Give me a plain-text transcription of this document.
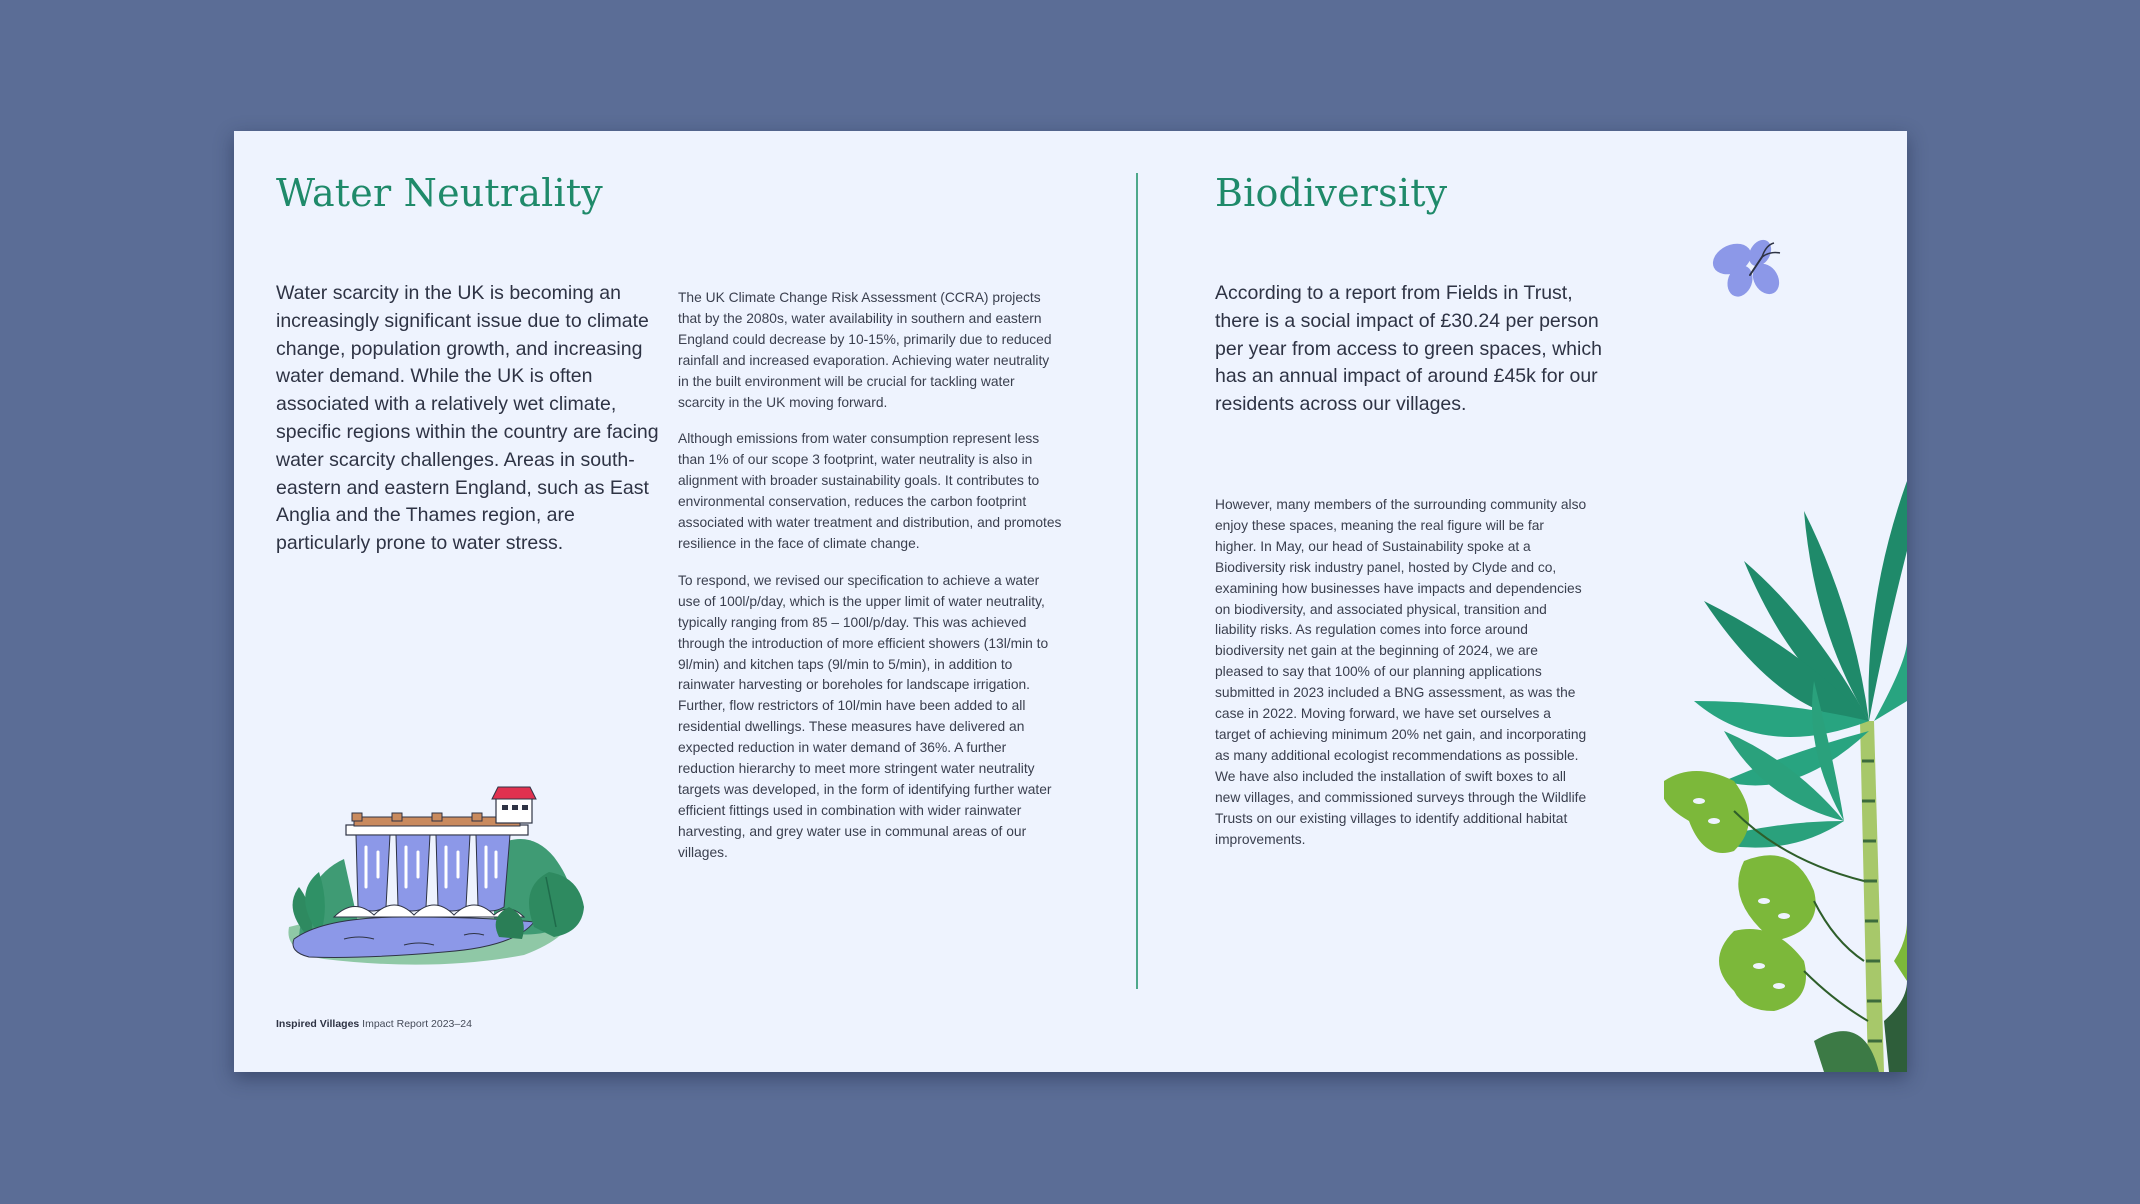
Water Neutrality

Water scarcity in the UK is becoming an increasingly significant issue due to climate change, population growth, and increasing water demand. While the UK is often associated with a relatively wet climate, specific regions within the country are facing water scarcity challenges. Areas in south-eastern and eastern England, such as East Anglia and the Thames region, are particularly prone to water stress.

The UK Climate Change Risk Assessment (CCRA) projects that by the 2080s, water availability in southern and eastern England could decrease by 10-15%, primarily due to reduced rainfall and increased evaporation. Achieving water neutrality in the built environment will be crucial for tackling water scarcity in the UK moving forward.

Although emissions from water consumption represent less than 1% of our scope 3 footprint, water neutrality is also in alignment with broader sustainability goals. It contributes to environmental conservation, reduces the carbon footprint associated with water treatment and distribution, and promotes resilience in the face of climate change.

To respond, we revised our specification to achieve a water use of 100l/p/day, which is the upper limit of water neutrality, typically ranging from 85 – 100l/p/day. This was achieved through the introduction of more efficient showers (13l/min to 9l/min) and kitchen taps (9l/min to 5/min), in addition to rainwater harvesting or boreholes for landscape irrigation. Further, flow restrictors of 10l/min have been added to all residential dwellings. These measures have delivered an expected reduction in water demand of 36%. A further reduction hierarchy to meet more stringent water neutrality targets was developed, in the form of identifying further water efficient fittings used in combination with wider rainwater harvesting, and grey water use in communal areas of our villages.

Biodiversity

According to a report from Fields in Trust, there is a social impact of £30.24 per person per year from access to green spaces, which has an annual impact of around £45k for our residents across our villages.

However, many members of the surrounding community also enjoy these spaces, meaning the real figure will be far higher. In May, our head of Sustainability spoke at a Biodiversity risk industry panel, hosted by Clyde and co, examining how businesses have impacts and dependencies on biodiversity, and associated physical, transition and liability risks. As regulation comes into force around biodiversity net gain at the beginning of 2024, we are pleased to say that 100% of our planning applications submitted in 2023 included a BNG assessment, as was the case in 2022. Moving forward, we have set ourselves a target of achieving minimum 20% net gain, and incorporating as many additional ecologist recommendations as possible. We have also included the installation of swift boxes to all new villages, and commissioned surveys through the Wildlife Trusts on our existing villages to identify additional habitat improvements.

Inspired Villages Impact Report 2023–24
